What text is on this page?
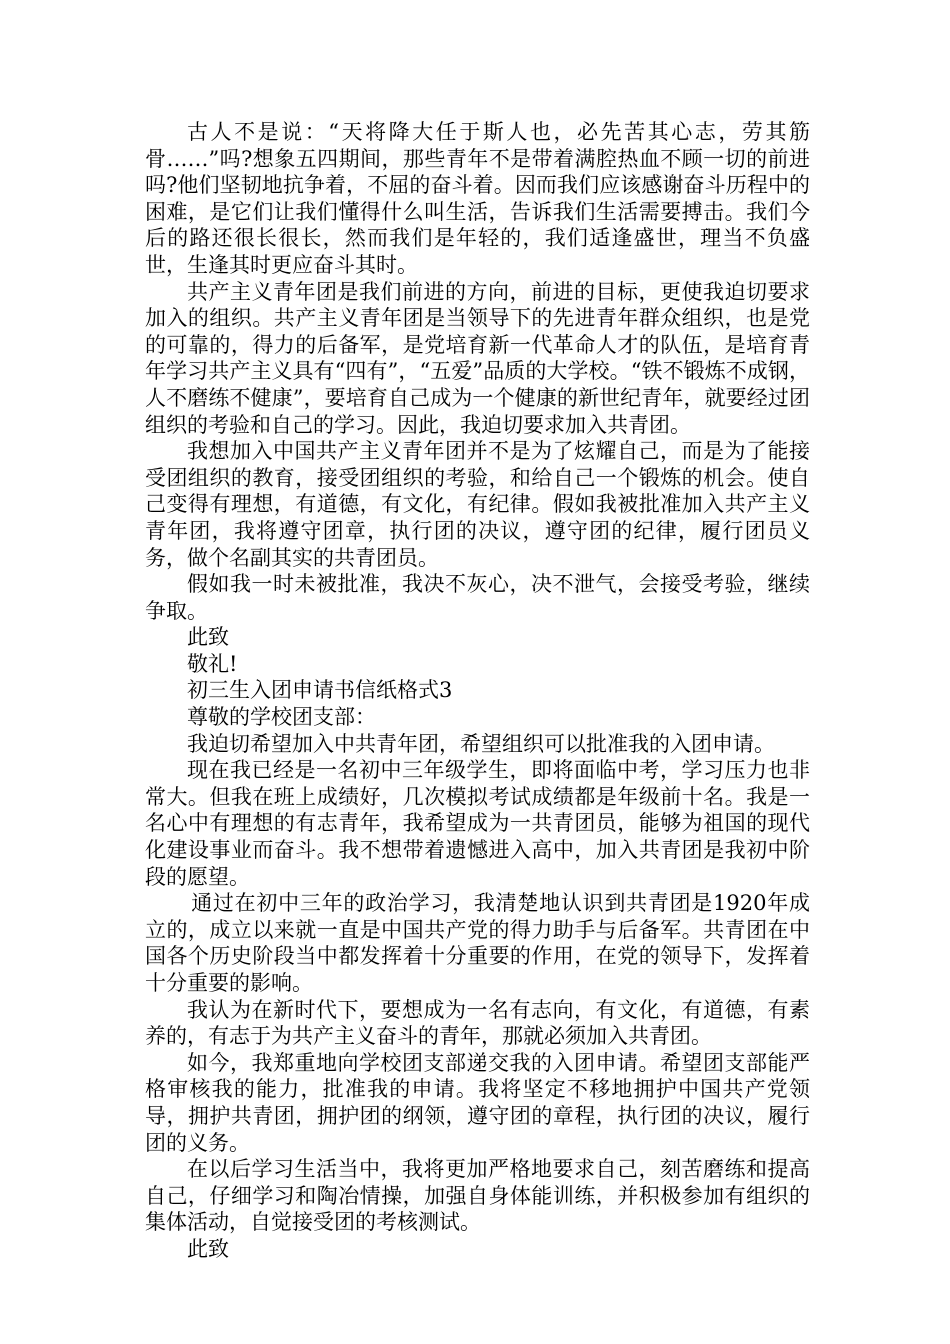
古人不是说：“天将降大任于斯人也，必先苦其心志，劳其筋骨……”吗?想象五四期间，那些青年不是带着满腔热血不顾一切的前进吗?他们坚韧地抗争着，不屈的奋斗着。因而我们应该感谢奋斗历程中的困难，是它们让我们懂得什么叫生活，告诉我们生活需要搏击。我们今后的路还很长很长，然而我们是年轻的，我们适逢盛世，理当不负盛世，生逢其时更应奋斗其时。

共产主义青年团是我们前进的方向，前进的目标，更使我迫切要求加入的组织。共产主义青年团是当领导下的先进青年群众组织，也是党的可靠的，得力的后备军，是党培育新一代革命人才的队伍，是培育青年学习共产主义具有“四有”，“五爱”品质的大学校。“铁不锻炼不成钢，人不磨练不健康”，要培育自己成为一个健康的新世纪青年，就要经过团组织的考验和自己的学习。因此，我迫切要求加入共青团。

我想加入中国共产主义青年团并不是为了炫耀自己，而是为了能接受团组织的教育，接受团组织的考验，和给自己一个锻炼的机会。使自己变得有理想，有道德，有文化，有纪律。假如我被批准加入共产主义青年团，我将遵守团章，执行团的决议，遵守团的纪律，履行团员义务，做个名副其实的共青团员。

假如我一时未被批准，我决不灰心，决不泄气，会接受考验，继续争取。

此致

敬礼!

初三生入团申请书信纸格式3

尊敬的学校团支部：

我迫切希望加入中共青年团，希望组织可以批准我的入团申请。

现在我已经是一名初中三年级学生，即将面临中考，学习压力也非常大。但我在班上成绩好，几次模拟考试成绩都是年级前十名。我是一名心中有理想的有志青年，我希望成为一共青团员，能够为祖国的现代化建设事业而奋斗。我不想带着遗憾进入高中，加入共青团是我初中阶段的愿望。

通过在初中三年的政治学习，我清楚地认识到共青团是1920年成立的，成立以来就一直是中国共产党的得力助手与后备军。共青团在中国各个历史阶段当中都发挥着十分重要的作用，在党的领导下，发挥着十分重要的影响。

我认为在新时代下，要想成为一名有志向，有文化，有道德，有素养的，有志于为共产主义奋斗的青年，那就必须加入共青团。

如今，我郑重地向学校团支部递交我的入团申请。希望团支部能严格审核我的能力，批准我的申请。我将坚定不移地拥护中国共产党领导，拥护共青团，拥护团的纲领，遵守团的章程，执行团的决议，履行团的义务。

在以后学习生活当中，我将更加严格地要求自己，刻苦磨练和提高自己，仔细学习和陶冶情操，加强自身体能训练，并积极参加有组织的集体活动，自觉接受团的考核测试。

此致
